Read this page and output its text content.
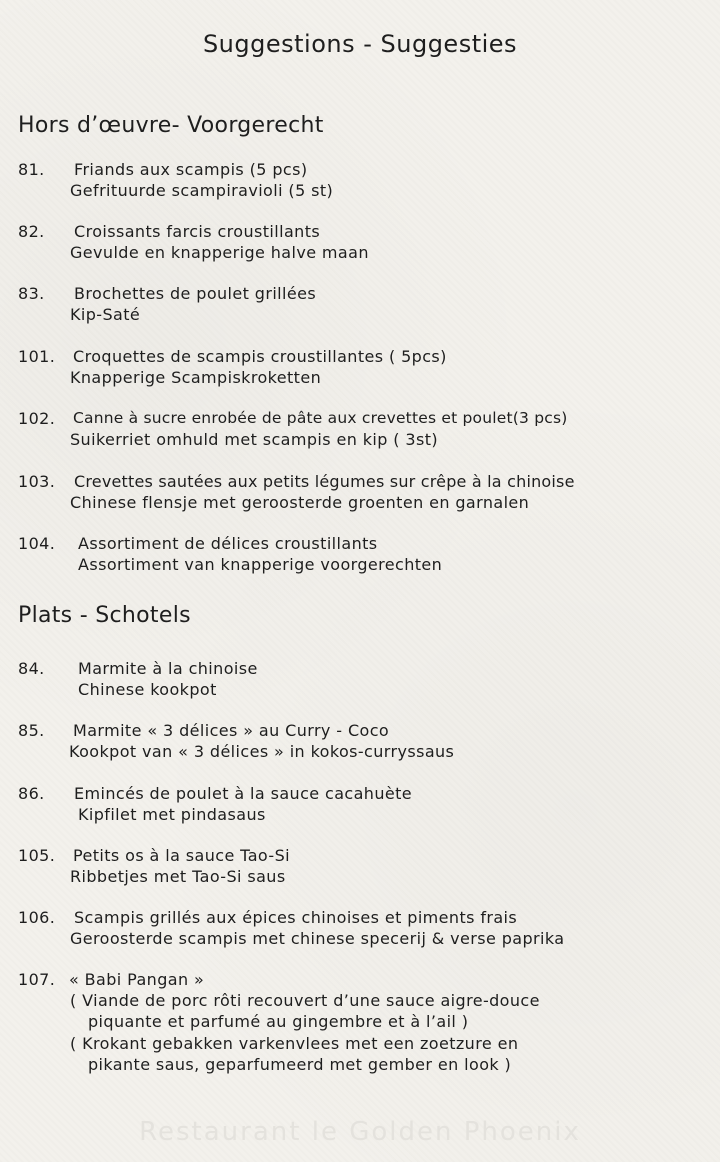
Suggestions - Suggesties
Hors d’œuvre- Voorgerecht
81. Friands aux scampis (5 pcs)
Gefrituurde scampiravioli (5 st)
82. Croissants farcis croustillants
Gevulde en knapperige halve maan
83. Brochettes de poulet grillées
Kip-Saté
101. Croquettes de scampis croustillantes ( 5pcs)
Knapperige Scampiskroketten
102. Canne à sucre enrobée de pâte aux crevettes et poulet(3 pcs)
Suikerriet omhuld met scampis en kip ( 3st)
103. Crevettes sautées aux petits légumes sur crêpe à la chinoise
Chinese flensje met geroosterde groenten en garnalen
104. Assortiment de délices croustillants
Assortiment van knapperige voorgerechten
Plats - Schotels
84. Marmite à la chinoise
Chinese kookpot
85. Marmite « 3 délices » au Curry - Coco
Kookpot van « 3 délices » in kokos-curryssaus
86. Emincés de poulet à la sauce cacahuète
Kipfilet met pindasaus
105. Petits os à la sauce Tao-Si
Ribbetjes met Tao-Si saus
106. Scampis grillés aux épices chinoises et piments frais
Geroosterde scampis met chinese specerij & verse paprika
107. « Babi Pangan »
( Viande de porc rôti recouvert d’une sauce aigre-douce
piquante et parfumé au gingembre et à l’ail )
( Krokant gebakken varkenvlees met een zoetzure en
pikante saus, geparfumeerd met gember en look )
Restaurant le Golden Phoenix
